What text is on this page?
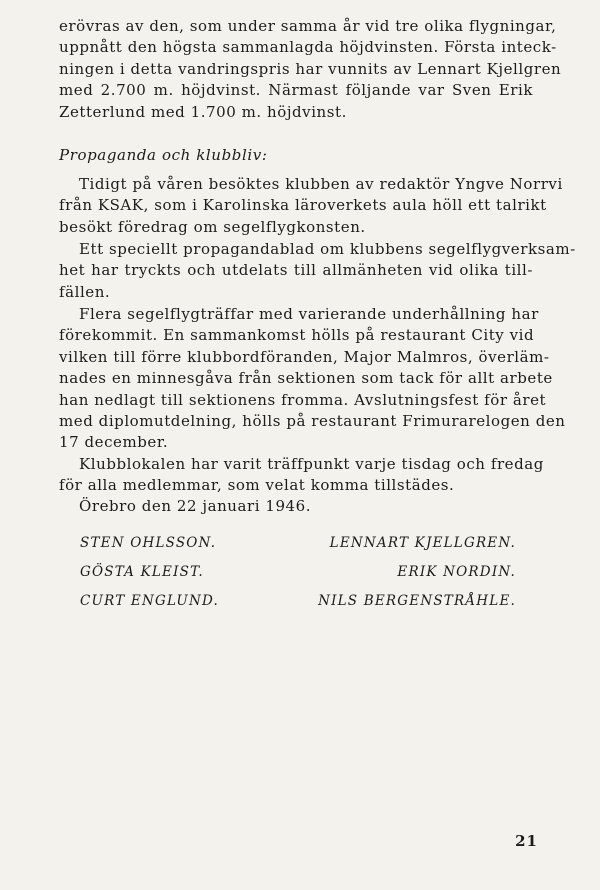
erövras av den, som under samma år vid tre olika flygningar,
uppnått den högsta sammanlagda höjdvinsten. Första inteck-
ningen i detta vandringspris har vunnits av Lennart Kjellgren
med 2.700 m. höjdvinst. Närmast följande var Sven Erik
Zetterlund med 1.700 m. höjdvinst.
Propaganda och klubbliv:
Tidigt på våren besöktes klubben av redaktör Yngve Norrvi
från KSAK, som i Karolinska läroverkets aula höll ett talrikt
besökt föredrag om segelflygkonsten.
Ett speciellt propagandablad om klubbens segelflygverksam-
het har tryckts och utdelats till allmänheten vid olika till-
fällen.
Flera segelflygträffar med varierande underhållning har
förekommit. En sammankomst hölls på restaurant City vid
vilken till förre klubbordföranden, Major Malmros, överläm-
nades en minnesgåva från sektionen som tack för allt arbete
han nedlagt till sektionens fromma. Avslutningsfest för året
med diplomutdelning, hölls på restaurant Frimurarelogen den
17 december.
Klubblokalen har varit träffpunkt varje tisdag och fredag
för alla medlemmar, som velat komma tillstädes.
Örebro den 22 januari 1946.
STEN OHLSSON.
GÖSTA KLEIST.
CURT ENGLUND.
LENNART KJELLGREN.
ERIK NORDIN.
NILS BERGENSTRÅHLE.
21
